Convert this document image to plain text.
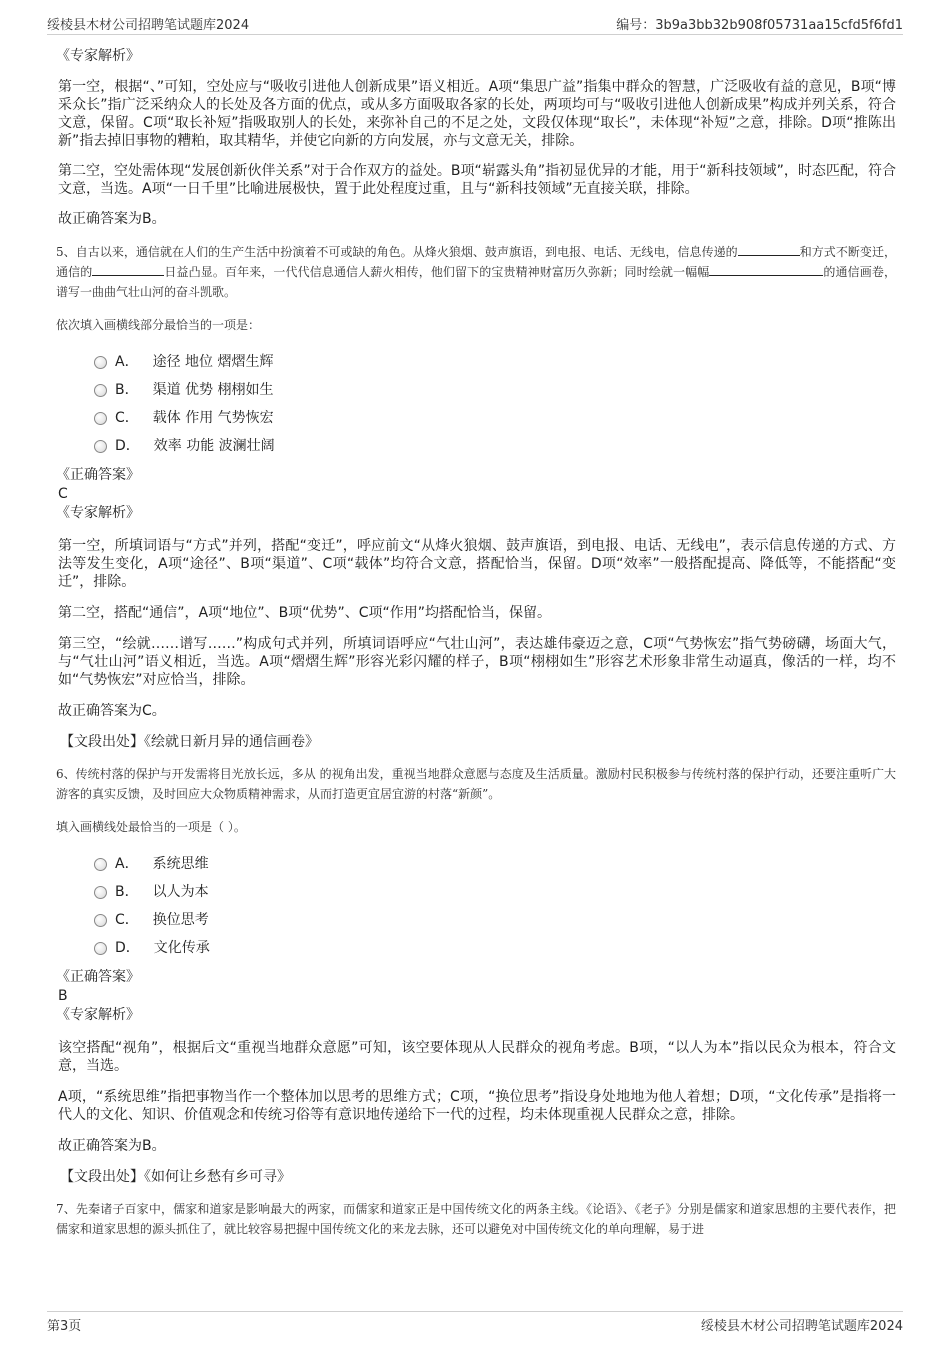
绥棱县木材公司招聘笔试题库2024	编号：3b9a3bb32b908f05731aa15cfd5f6fd1

《专家解析》

第一空，根据“、”可知，空处应与“吸收引进他人创新成果”语义相近。A项“集思广益”指集中群众的智慧，广泛吸收有益的意见，B项“博采众长”指广泛采纳众人的长处及各方面的优点，或从多方面吸取各家的长处，两项均可与“吸收引进他人创新成果”构成并列关系，符合文意，保留。C项“取长补短”指吸取别人的长处，来弥补自己的不足之处，文段仅体现“取长”，未体现“补短”之意，排除。D项“推陈出新”指去掉旧事物的糟粕，取其精华，并使它向新的方向发展，亦与文意无关，排除。

第二空，空处需体现“发展创新伙伴关系”对于合作双方的益处。B项“崭露头角”指初显优异的才能，用于“新科技领域”，时态匹配，符合文意，当选。A项“一日千里”比喻进展极快，置于此处程度过重，且与“新科技领域”无直接关联，排除。

故正确答案为B。

5、自古以来，通信就在人们的生产生活中扮演着不可或缺的角色。从烽火狼烟、鼓声旗语，到电报、电话、无线电，信息传递的	和方式不断变迁，通信的	日益凸显。百年来，一代代信息通信人薪火相传，他们留下的宝贵精神财富历久弥新；同时绘就一幅幅	的通信画卷，谱写一曲曲气壮山河的奋斗凯歌。

依次填入画横线部分最恰当的一项是：

A． 途径 地位 熠熠生辉
B． 渠道 优势 栩栩如生
C． 载体 作用 气势恢宏
D． 效率 功能 波澜壮阔

《正确答案》

C

《专家解析》

第一空，所填词语与“方式”并列，搭配“变迁”，呼应前文“从烽火狼烟、鼓声旗语，到电报、电话、无线电”，表示信息传递的方式、方法等发生变化，A项“途径”、B项“渠道”、C项“载体”均符合文意，搭配恰当，保留。D项“效率”一般搭配提高、降低等，不能搭配“变迁”，排除。

第二空，搭配“通信”，A项“地位”、B项“优势”、C项“作用”均搭配恰当，保留。

第三空，“绘就……谱写……”构成句式并列，所填词语呼应“气壮山河”，表达雄伟豪迈之意，C项“气势恢宏”指气势磅礴，场面大气，与“气壮山河”语义相近，当选。A项“熠熠生辉”形容光彩闪耀的样子，B项“栩栩如生”形容艺术形象非常生动逼真，像活的一样，均不如“气势恢宏”对应恰当，排除。

故正确答案为C。

【文段出处】《绘就日新月异的通信画卷》

6、传统村落的保护与开发需将目光放长远，多从 的视角出发，重视当地群众意愿与态度及生活质量。激励村民积极参与传统村落的保护行动，还要注重听广大游客的真实反馈，及时回应大众物质精神需求，从而打造更宜居宜游的村落“新颜”。

填入画横线处最恰当的一项是（ ）。

A． 系统思维
B． 以人为本
C． 换位思考
D． 文化传承

《正确答案》

B

《专家解析》

该空搭配“视角”，根据后文“重视当地群众意愿”可知，该空要体现从人民群众的视角考虑。B项，“以人为本”指以民众为根本，符合文意，当选。

A项，“系统思维”指把事物当作一个整体加以思考的思维方式；C项，“换位思考”指设身处地地为他人着想；D项，“文化传承”是指将一代人的文化、知识、价值观念和传统习俗等有意识地传递给下一代的过程，均未体现重视人民群众之意，排除。

故正确答案为B。

【文段出处】《如何让乡愁有乡可寻》

7、先秦诸子百家中，儒家和道家是影响最大的两家，而儒家和道家正是中国传统文化的两条主线。《论语》、《老子》分别是儒家和道家思想的主要代表作，把儒家和道家思想的源头抓住了，就比较容易把握中国传统文化的来龙去脉，还可以避免对中国传统文化的单向理解，易于进

第3页	绥棱县木材公司招聘笔试题库2024
